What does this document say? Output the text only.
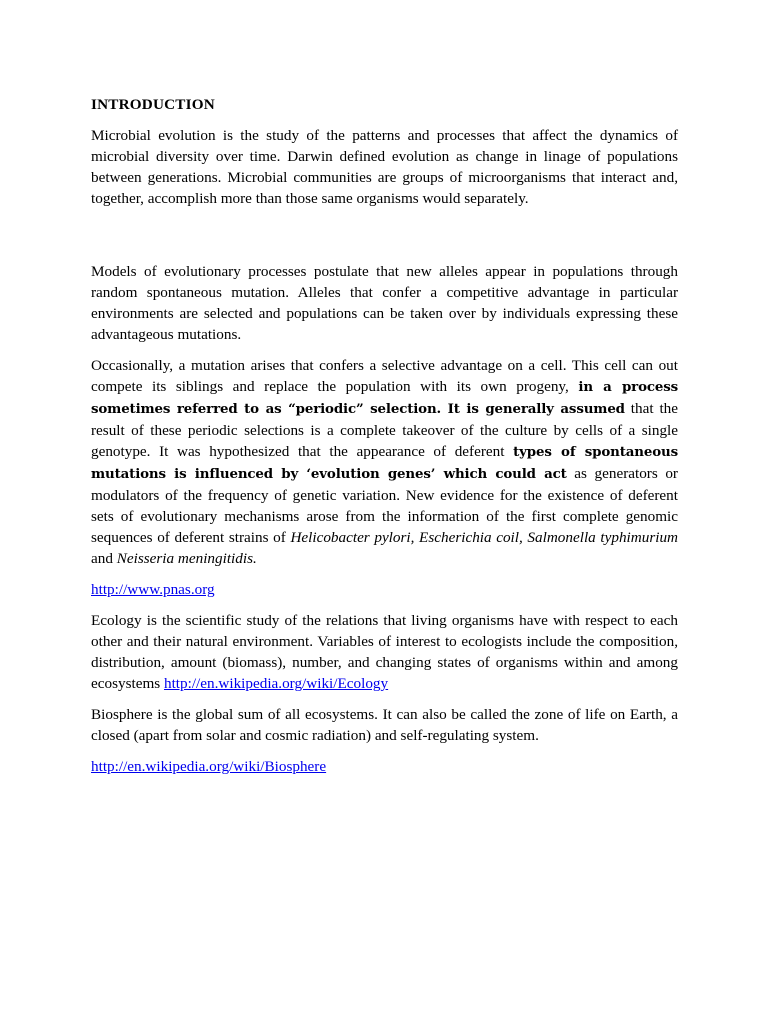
INTRODUCTION

Microbial evolution is the study of the patterns and processes that affect the dynamics of microbial diversity over time. Darwin defined evolution as change in linage of populations between generations. Microbial communities are groups of microorganisms that interact and, together, accomplish more than those same organisms would separately.

Models of evolutionary processes postulate that new alleles appear in populations through random spontaneous mutation. Alleles that confer a competitive advantage in particular environments are selected and populations can be taken over by individuals expressing these advantageous mutations.

Occasionally, a mutation arises that confers a selective advantage on a cell. This cell can out compete its siblings and replace the population with its own progeny, in a process sometimes referred to as “periodic” selection. It is generally assumed that the result of these periodic selections is a complete takeover of the culture by cells of a single genotype. It was hypothesized that the appearance of deferent types of spontaneous mutations is influenced by ‘evolution genes’ which could act as generators or modulators of the frequency of genetic variation. New evidence for the existence of deferent sets of evolutionary mechanisms arose from the information of the first complete genomic sequences of deferent strains of Helicobacter pylori, Escherichia coil, Salmonella typhimurium and Neisseria meningitidis.

http://www.pnas.org

Ecology is the scientific study of the relations that living organisms have with respect to each other and their natural environment. Variables of interest to ecologists include the composition, distribution, amount (biomass), number, and changing states of organisms within and among ecosystems http://en.wikipedia.org/wiki/Ecology

Biosphere is the global sum of all ecosystems. It can also be called the zone of life on Earth, a closed (apart from solar and cosmic radiation) and self-regulating system.

http://en.wikipedia.org/wiki/Biosphere
